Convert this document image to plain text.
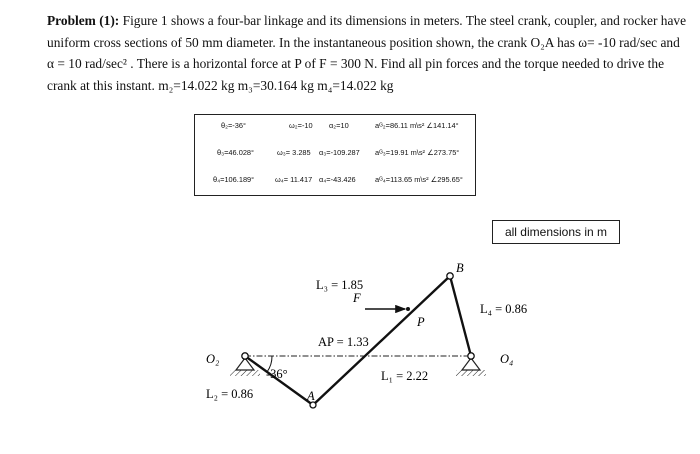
Problem (1): Figure 1 shows a four-bar linkage and its dimensions in meters. The steel crank, coupler, and rocker have uniform cross sections of 50 mm diameter. In the instantaneous position shown, the crank O₂A has ω= -10 rad/sec and α = 10 rad/sec² . There is a horizontal force at P of F = 300 N. Find all pin forces and the torque needed to drive the crank at this instant. m₂=14.022 kg m₃=30.164 kg m₄=14.022 kg

θ₂=-36°	ω₂=-10 α₂=10	aᴳ₂=86.11 m\s² ∠141.14°
θ₃=46.028°	ω₃= 3.285 α₃=-109.287 aᴳ₃=19.91 m\s² ∠273.75°
θ₄=106.189°	ω₄= 11.417 α₄=-43.426	aᴳ₄=113.65 m\s² ∠295.65°
all dimensions in m
B
A
P
F
O₂	O₄
L₃ = 1.85
L₄ = 0.86
AP = 1.33
L₁ = 2.22
L₂ = 0.86
-36°
